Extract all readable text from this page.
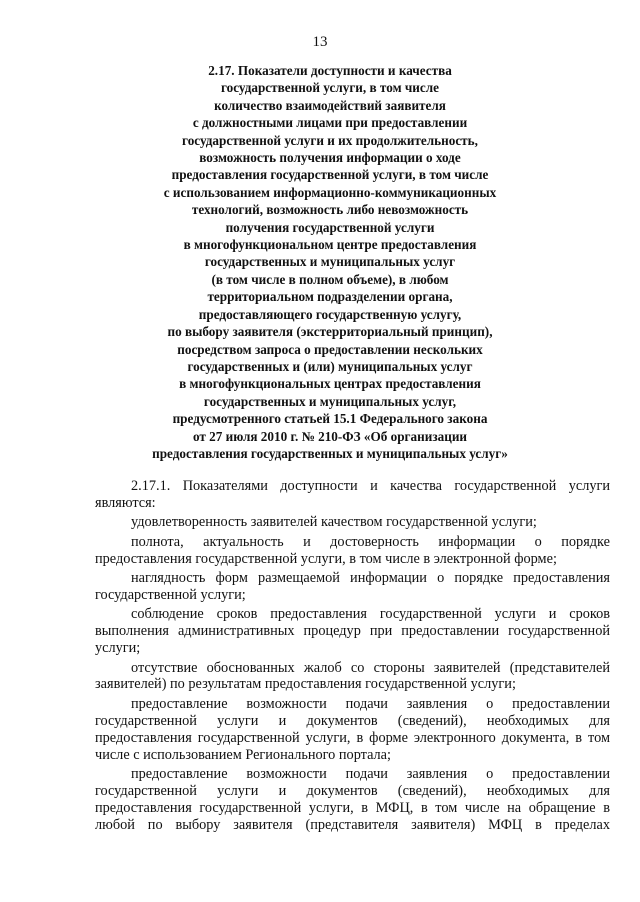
13
2.17. Показатели доступности и качества
государственной услуги, в том числе
количество взаимодействий заявителя
с должностными лицами при предоставлении
государственной услуги и их продолжительность,
возможность получения информации о ходе
предоставления государственной услуги, в том числе
с использованием информационно-коммуникационных
технологий, возможность либо невозможность
получения государственной услуги
в многофункциональном центре предоставления
государственных и муниципальных услуг
(в том числе в полном объеме), в любом
территориальном подразделении органа,
предоставляющего государственную услугу,
по выбору заявителя (экстерриториальный принцип),
посредством запроса о предоставлении нескольких
государственных и (или) муниципальных услуг
в многофункциональных центрах предоставления
государственных и муниципальных услуг,
предусмотренного статьей 15.1 Федерального закона
от 27 июля 2010 г. № 210-ФЗ «Об организации
предоставления государственных и муниципальных услуг»

2.17.1. Показателями доступности и качества государственной услуги являются:

удовлетворенность заявителей качеством государственной услуги;

полнота, актуальность и достоверность информации о порядке предоставления государственной услуги, в том числе в электронной форме;

наглядность форм размещаемой информации о порядке предоставления государственной услуги;

соблюдение сроков предоставления государственной услуги и сроков выполнения административных процедур при предоставлении государственной услуги;

отсутствие обоснованных жалоб со стороны заявителей (представителей заявителей) по результатам предоставления государственной услуги;

предоставление возможности подачи заявления о предоставлении государственной услуги и документов (сведений), необходимых для предоставления государственной услуги, в форме электронного документа, в том числе с использованием Регионального портала;

предоставление возможности подачи заявления о предоставлении государственной услуги и документов (сведений), необходимых для предоставления государственной услуги, в МФЦ, в том числе на обращение в любой по выбору заявителя (представителя заявителя) МФЦ в пределах
